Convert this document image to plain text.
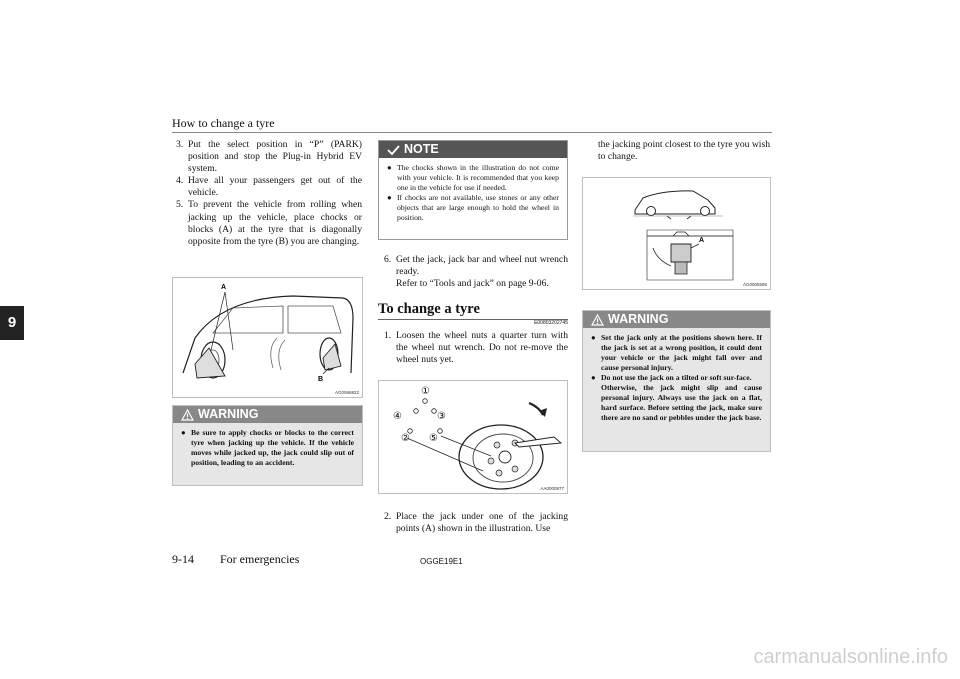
How to change a tyre
9
3. Put the select position in “P” (PARK) position and stop the Plug-in Hybrid EV system.
4. Have all your passengers get out of the vehicle.
5. To prevent the vehicle from rolling when jacking up the vehicle, place chocks or blocks (A) at the tyre that is diagonally opposite from the tyre (B) you are changing.
A
B
AG0066822
WARNING
● Be sure to apply chocks or blocks to the correct tyre when jacking up the vehicle. If the vehicle moves while jacked up, the jack could slip out of position, leading to an accident.
NOTE
● The chocks shown in the illustration do not come with your vehicle. It is recommended that you keep one in the vehicle for use if needed.
● If chocks are not available, use stones or any other objects that are large enough to hold the wheel in position.
6. Get the jack, jack bar and wheel nut wrench ready.
Refer to “Tools and jack” on page 9-06.
To change a tyre
E00803202745
1. Loosen the wheel nuts a quarter turn with the wheel nut wrench. Do not re-move the wheel nuts yet.
①
②
③
④
⑤
AA0000877
2. Place the jack under one of the jacking points (A) shown in the illustration. Use
the jacking point closest to the tyre you wish to change.
A
AG0005598
WARNING
● Set the jack only at the positions shown here. If the jack is set at a wrong position, it could dent your vehicle or the jack might fall over and cause personal injury.
● Do not use the jack on a tilted or soft sur-face.
Otherwise, the jack might slip and cause personal injury. Always use the jack on a flat, hard surface. Before setting the jack, make sure there are no sand or pebbles under the jack base.
9-14 For emergencies	OGGE19E1
carmanualsonline.info
